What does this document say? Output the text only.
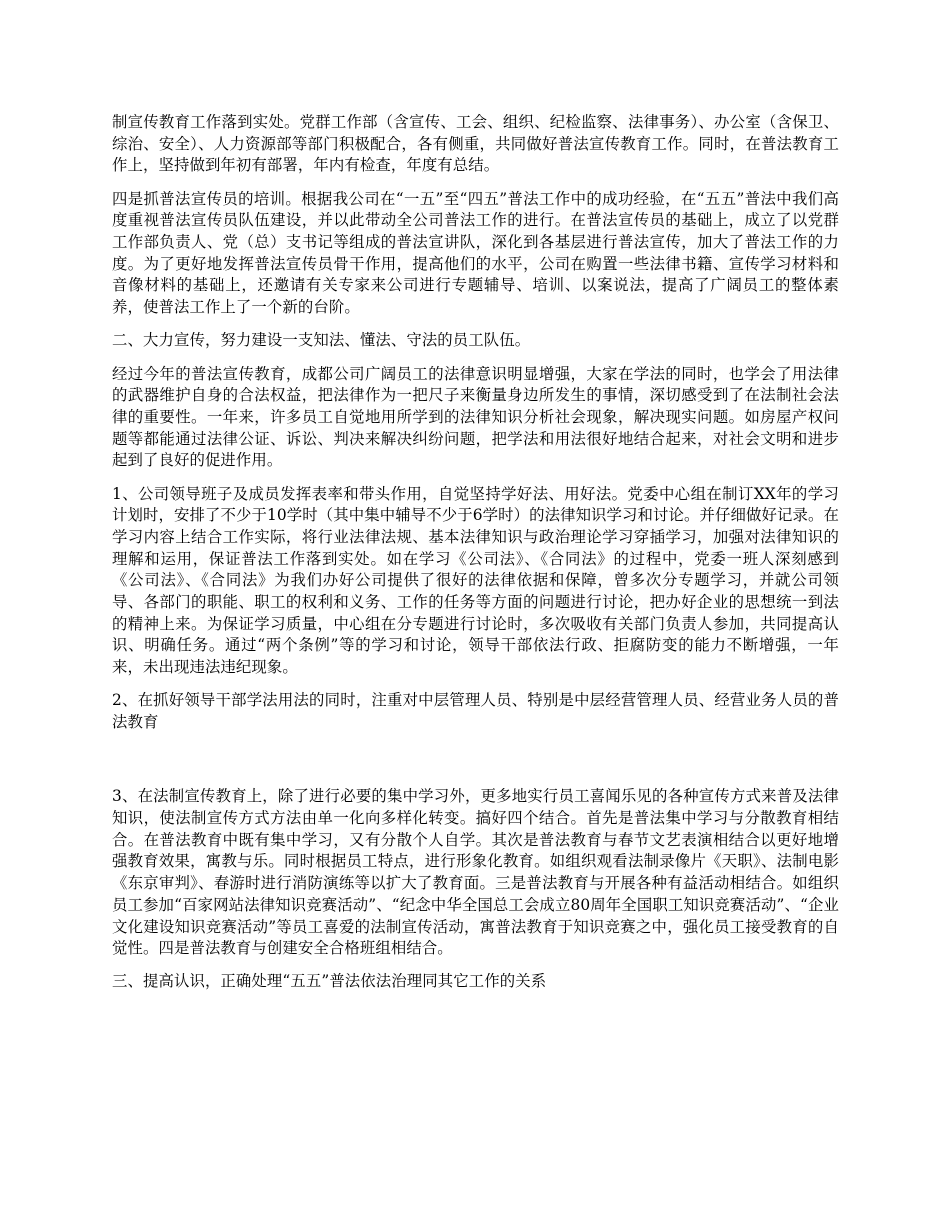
制宣传教育工作落到实处。党群工作部（含宣传、工会、组织、纪检监察、法律事务）、办公室（含保卫、综治、安全）、人力资源部等部门积极配合，各有侧重，共同做好普法宣传教育工作。同时，在普法教育工作上，坚持做到年初有部署，年内有检查，年度有总结。

四是抓普法宣传员的培训。根据我公司在“一五”至“四五”普法工作中的成功经验，在“五五”普法中我们高度重视普法宣传员队伍建设，并以此带动全公司普法工作的进行。在普法宣传员的基础上，成立了以党群工作部负责人、党（总）支书记等组成的普法宣讲队，深化到各基层进行普法宣传，加大了普法工作的力度。为了更好地发挥普法宣传员骨干作用，提高他们的水平，公司在购置一些法律书籍、宣传学习材料和音像材料的基础上，还邀请有关专家来公司进行专题辅导、培训、以案说法，提高了广阔员工的整体素养，使普法工作上了一个新的台阶。

二、大力宣传，努力建设一支知法、懂法、守法的员工队伍。

经过今年的普法宣传教育，成都公司广阔员工的法律意识明显增强，大家在学法的同时，也学会了用法律的武器维护自身的合法权益，把法律作为一把尺子来衡量身边所发生的事情，深切感受到了在法制社会法律的重要性。一年来，许多员工自觉地用所学到的法律知识分析社会现象，解决现实问题。如房屋产权问题等都能通过法律公证、诉讼、判决来解决纠纷问题，把学法和用法很好地结合起来，对社会文明和进步起到了良好的促进作用。

1、公司领导班子及成员发挥表率和带头作用，自觉坚持学好法、用好法。党委中心组在制订XX年的学习计划时，安排了不少于10学时（其中集中辅导不少于6学时）的法律知识学习和讨论。并仔细做好记录。在学习内容上结合工作实际，将行业法律法规、基本法律知识与政治理论学习穿插学习，加强对法律知识的理解和运用，保证普法工作落到实处。如在学习《公司法》、《合同法》的过程中，党委一班人深刻感到《公司法》、《合同法》为我们办好公司提供了很好的法律依据和保障，曾多次分专题学习，并就公司领导、各部门的职能、职工的权利和义务、工作的任务等方面的问题进行讨论，把办好企业的思想统一到法的精神上来。为保证学习质量，中心组在分专题进行讨论时，多次吸收有关部门负责人参加，共同提高认识、明确任务。通过“两个条例”等的学习和讨论，领导干部依法行政、拒腐防变的能力不断增强，一年来，未出现违法违纪现象。

2、在抓好领导干部学法用法的同时，注重对中层管理人员、特别是中层经营管理人员、经营业务人员的普法教育

3、在法制宣传教育上，除了进行必要的集中学习外，更多地实行员工喜闻乐见的各种宣传方式来普及法律知识，使法制宣传方式方法由单一化向多样化转变。搞好四个结合。首先是普法集中学习与分散教育相结合。在普法教育中既有集中学习，又有分散个人自学。其次是普法教育与春节文艺表演相结合以更好地增强教育效果，寓教与乐。同时根据员工特点，进行形象化教育。如组织观看法制录像片《天职》、法制电影《东京审判》、春游时进行消防演练等以扩大了教育面。三是普法教育与开展各种有益活动相结合。如组织员工参加“百家网站法律知识竞赛活动”、“纪念中华全国总工会成立80周年全国职工知识竞赛活动”、“企业文化建设知识竞赛活动”等员工喜爱的法制宣传活动，寓普法教育于知识竞赛之中，强化员工接受教育的自觉性。四是普法教育与创建安全合格班组相结合。

三、提高认识，正确处理“五五”普法依法治理同其它工作的关系
